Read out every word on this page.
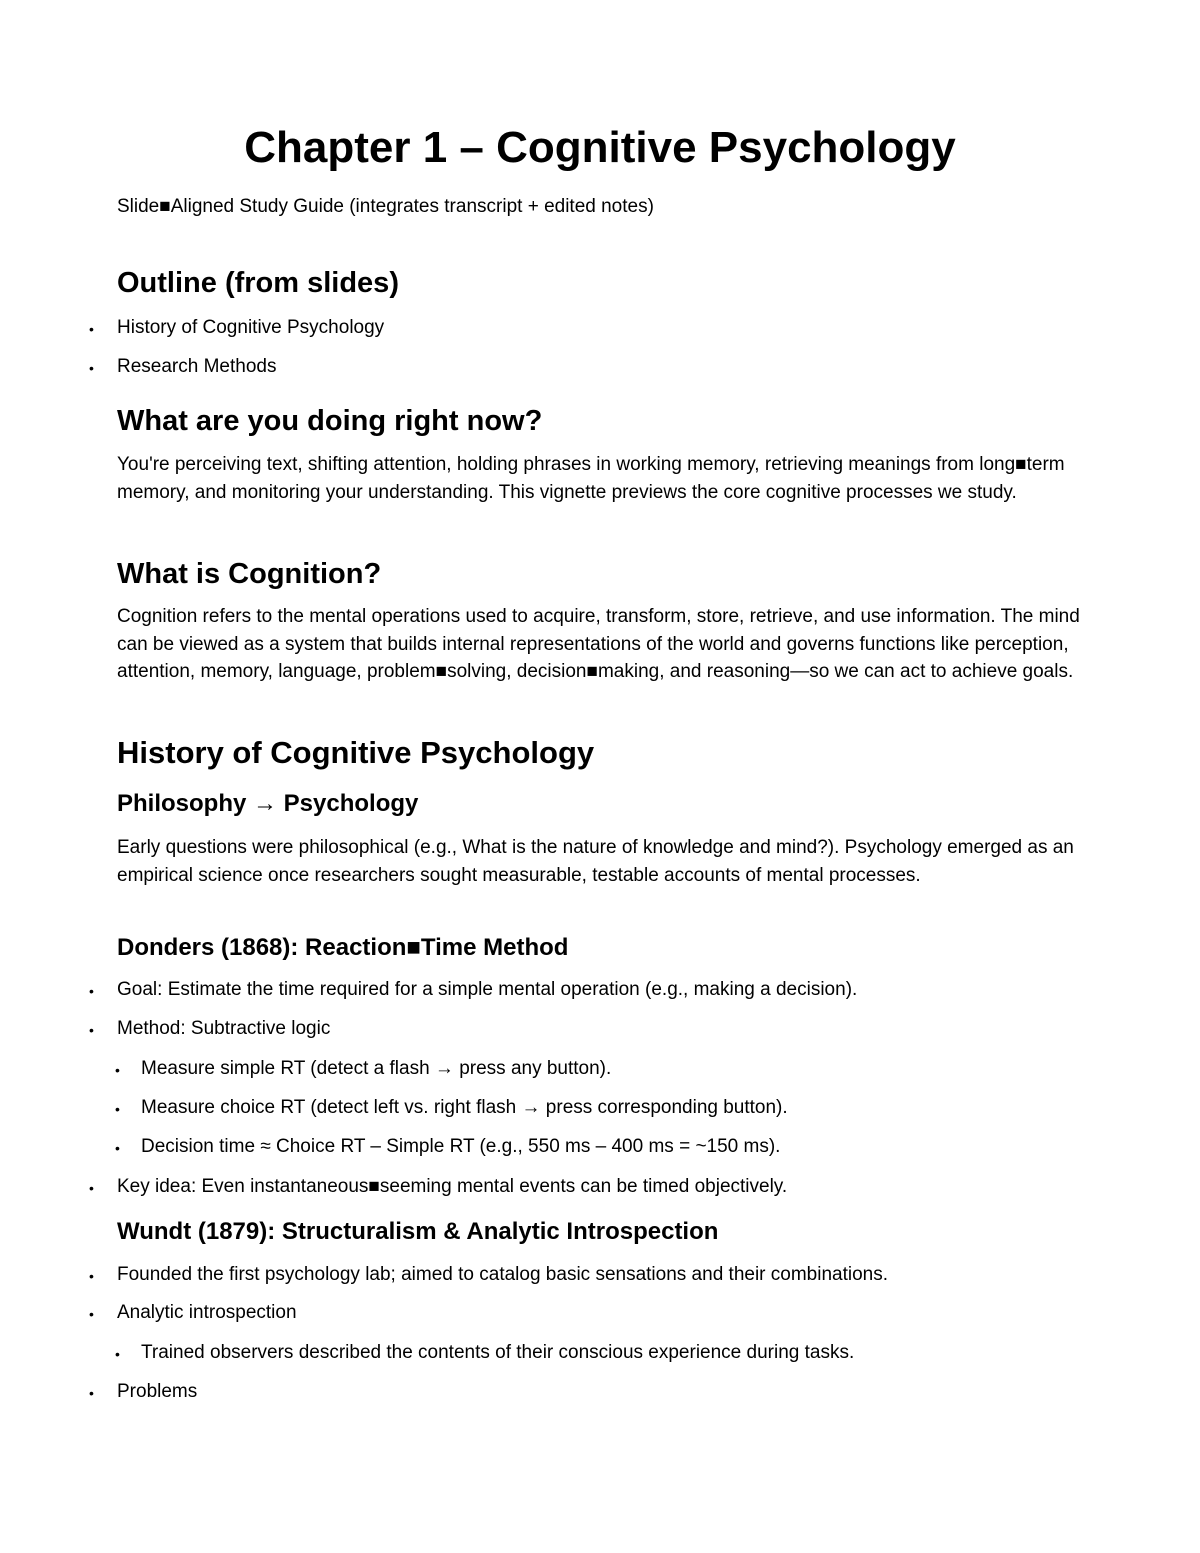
Chapter 1 – Cognitive Psychology

Slide■Aligned Study Guide (integrates transcript + edited notes)

Outline (from slides)
• History of Cognitive Psychology
• Research Methods
What are you doing right now?

You're perceiving text, shifting attention, holding phrases in working memory, retrieving meanings from long■term memory, and monitoring your understanding. This vignette previews the core cognitive processes we study.

What is Cognition?

Cognition refers to the mental operations used to acquire, transform, store, retrieve, and use information. The mind can be viewed as a system that builds internal representations of the world and governs functions like perception, attention, memory, language, problem■solving, decision■making, and reasoning—so we can act to achieve goals.

History of Cognitive Psychology
Philosophy → Psychology

Early questions were philosophical (e.g., What is the nature of knowledge and mind?). Psychology emerged as an empirical science once researchers sought measurable, testable accounts of mental processes.

Donders (1868): Reaction■Time Method
• Goal: Estimate the time required for a simple mental operation (e.g., making a decision).
• Method: Subtractive logic
• Measure simple RT (detect a flash → press any button).
• Measure choice RT (detect left vs. right flash → press corresponding button).
• Decision time ≈ Choice RT – Simple RT (e.g., 550 ms – 400 ms = ~150 ms).
• Key idea: Even instantaneous■seeming mental events can be timed objectively.
Wundt (1879): Structuralism & Analytic Introspection
• Founded the first psychology lab; aimed to catalog basic sensations and their combinations.
• Analytic introspection
• Trained observers described the contents of their conscious experience during tasks.
• Problems
